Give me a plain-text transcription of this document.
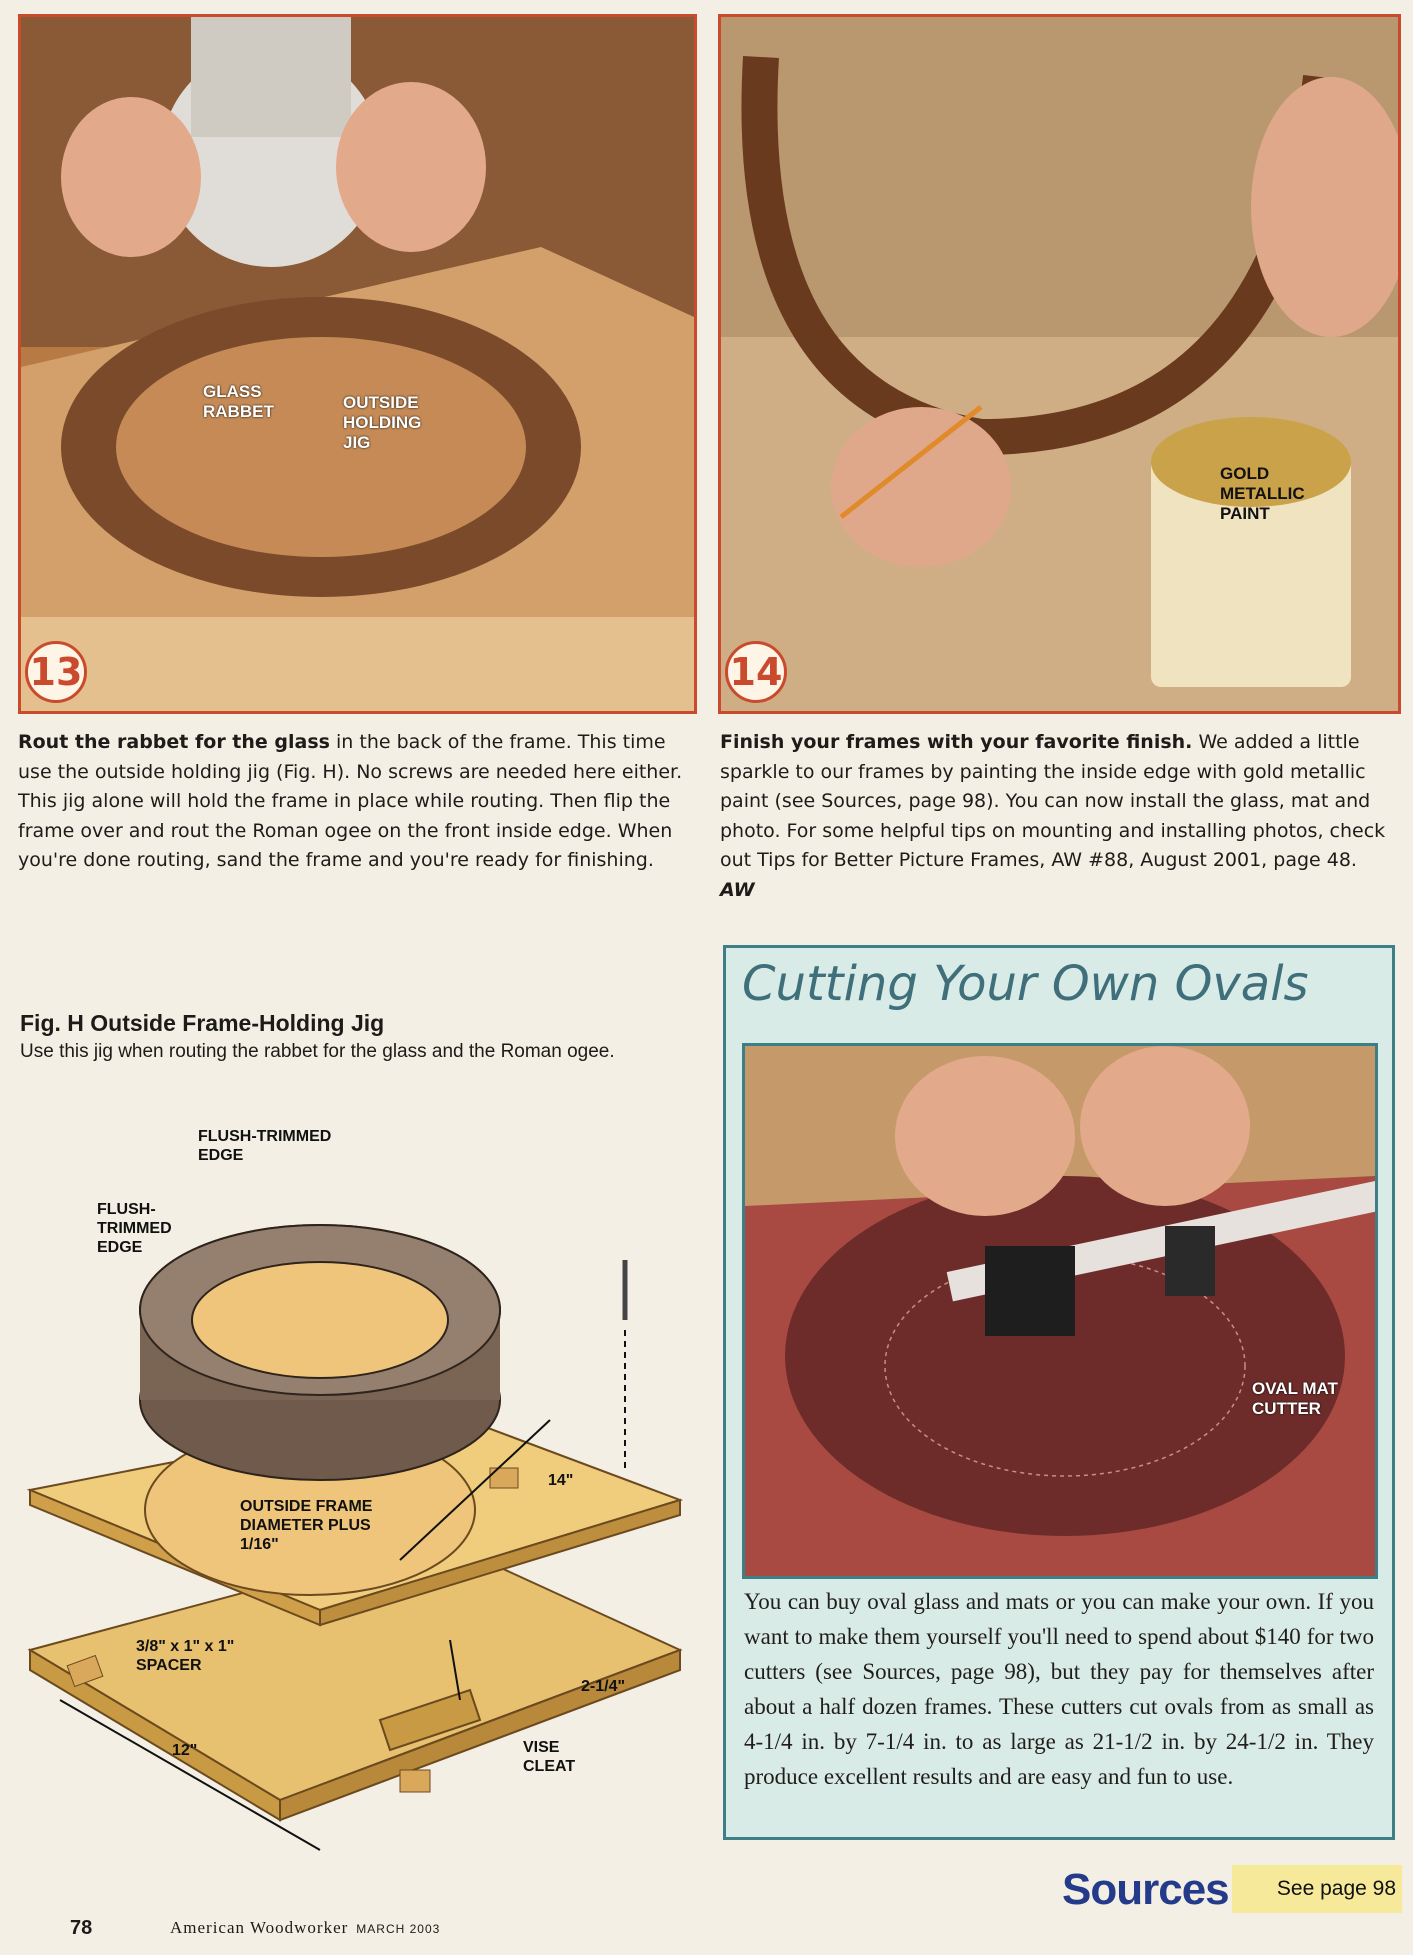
GLASS
RABBET	OUTSIDE
HOLDING
JIG
13
GOLD
METALLIC
PAINT
14
Rout the rabbet for the glass in the back of the frame. This time use the outside holding jig (Fig. H). No screws are needed here either. This jig alone will hold the frame in place while routing. Then flip the frame over and rout the Roman ogee on the front inside edge. When you're done routing, sand the frame and you're ready for finishing.
Finish your frames with your favorite finish. We added a little sparkle to our frames by painting the inside edge with gold metallic paint (see Sources, page 98). You can now install the glass, mat and photo. For some helpful tips on mounting and installing photos, check out Tips for Better Picture Frames, AW #88, August 2001, page 48. AW
Fig. H Outside Frame-Holding Jig
Use this jig when routing the rabbet for the glass and the Roman ogee.
FLUSH-TRIMMED
EDGE
FLUSH-
TRIMMED
EDGE
OUTSIDE FRAME
DIAMETER PLUS
1/16"
14"
3/8" x 1" x 1"
SPACER
2-1/4"
12"	VISE
CLEAT
Cutting Your Own Ovals
OVAL MAT
CUTTER
You can buy oval glass and mats or you can make your own. If you want to make them yourself you'll need to spend about $140 for two cutters (see Sources, page 98), but they pay for themselves after about a half dozen frames. These cutters cut ovals from as small as 4-1/4 in. by 7-1/4 in. to as large as 21-1/2 in. by 24-1/2 in. They produce excellent results and are easy and fun to use.
Sources See page 98
78	American Woodworker MARCH 2003
